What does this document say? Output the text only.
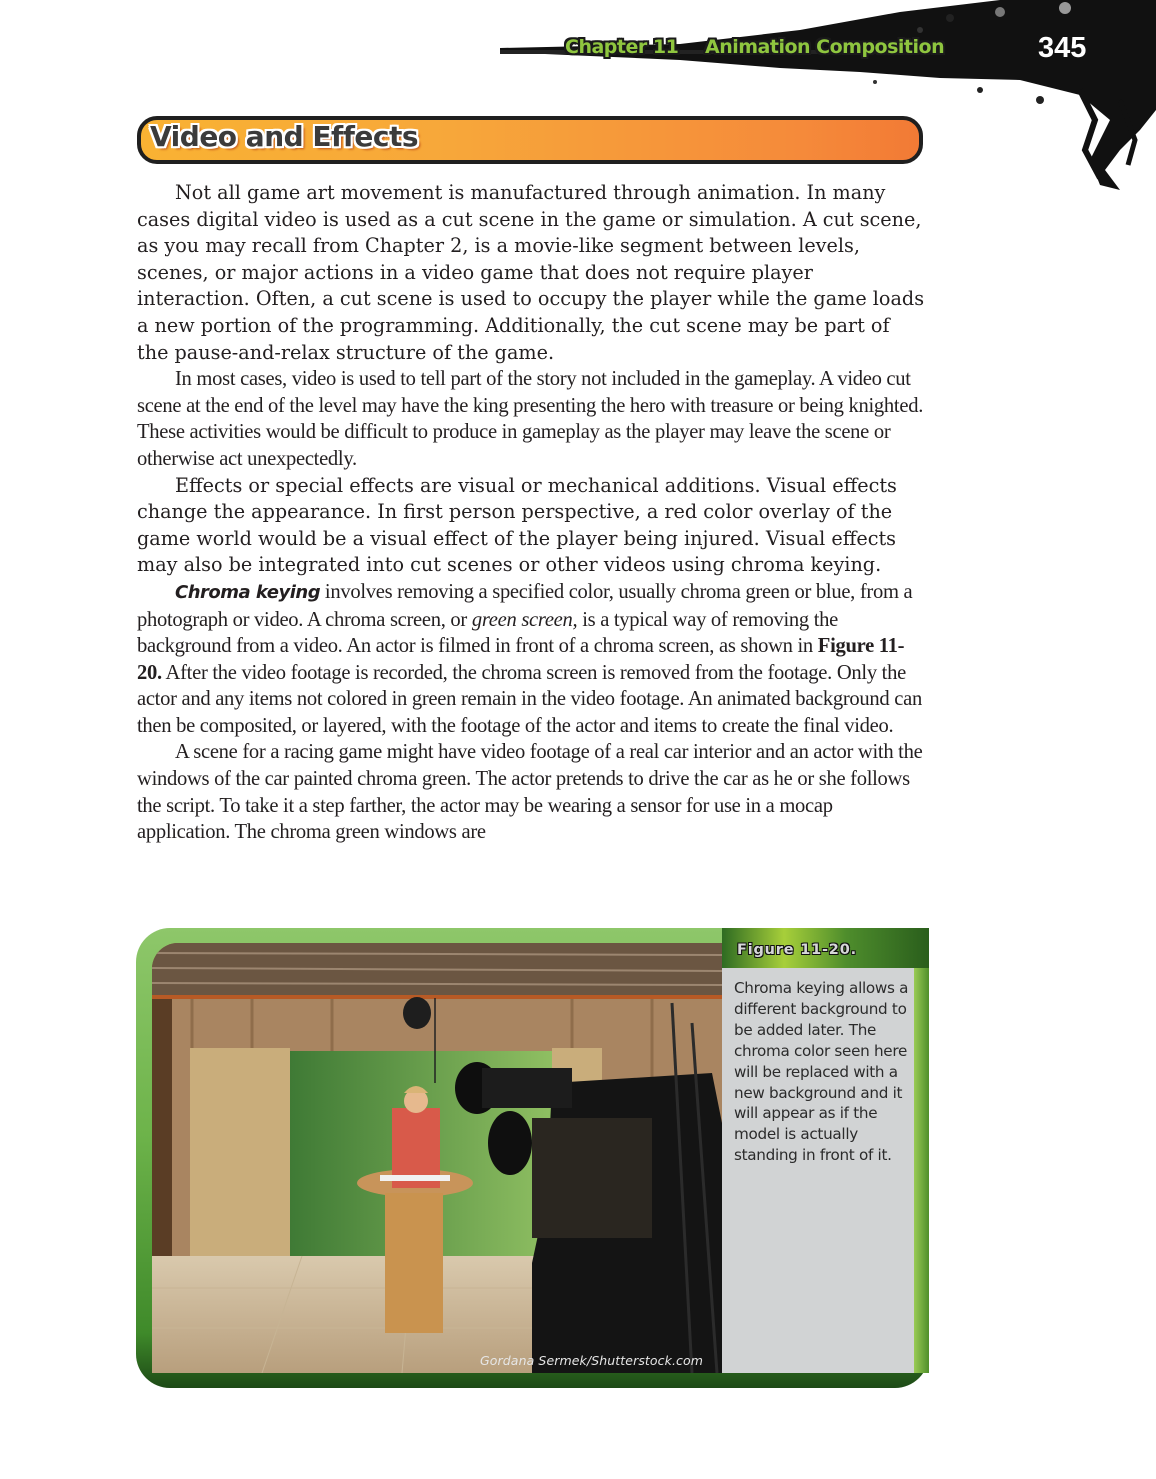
Chapter 11 Animation Composition	345
Video and Effects

Not all game art movement is manufactured through animation. In many cases digital video is used as a cut scene in the game or simulation. A cut scene, as you may recall from Chapter 2, is a movie-like segment between levels, scenes, or major actions in a video game that does not require player interaction. Often, a cut scene is used to occupy the player while the game loads a new portion of the programming. Additionally, the cut scene may be part of the pause-and-relax structure of the game.

In most cases, video is used to tell part of the story not included in the gameplay. A video cut scene at the end of the level may have the king presenting the hero with treasure or being knighted. These activities would be difficult to produce in gameplay as the player may leave the scene or otherwise act unexpectedly.

Effects or special effects are visual or mechanical additions. Visual effects change the appearance. In first person perspective, a red color overlay of the game world would be a visual effect of the player being injured. Visual effects may also be integrated into cut scenes or other videos using chroma keying.

Chroma keying involves removing a specified color, usually chroma green or blue, from a photograph or video. A chroma screen, or green screen, is a typical way of removing the background from a video. An actor is filmed in front of a chroma screen, as shown in Figure 11-20. After the video footage is recorded, the chroma screen is removed from the footage. Only the actor and any items not colored in green remain in the video footage. An animated background can then be composited, or layered, with the footage of the actor and items to create the final video.

A scene for a racing game might have video footage of a real car interior and an actor with the windows of the car painted chroma green. The actor pretends to drive the car as he or she follows the script. To take it a step farther, the actor may be wearing a sensor for use in a mocap application. The chroma green windows are

Figure 11-20.
Chroma keying allows a different background to be added later. The chroma color seen here will be replaced with a new background and it will appear as if the model is actually standing in front of it.
Gordana Sermek/Shutterstock.com
